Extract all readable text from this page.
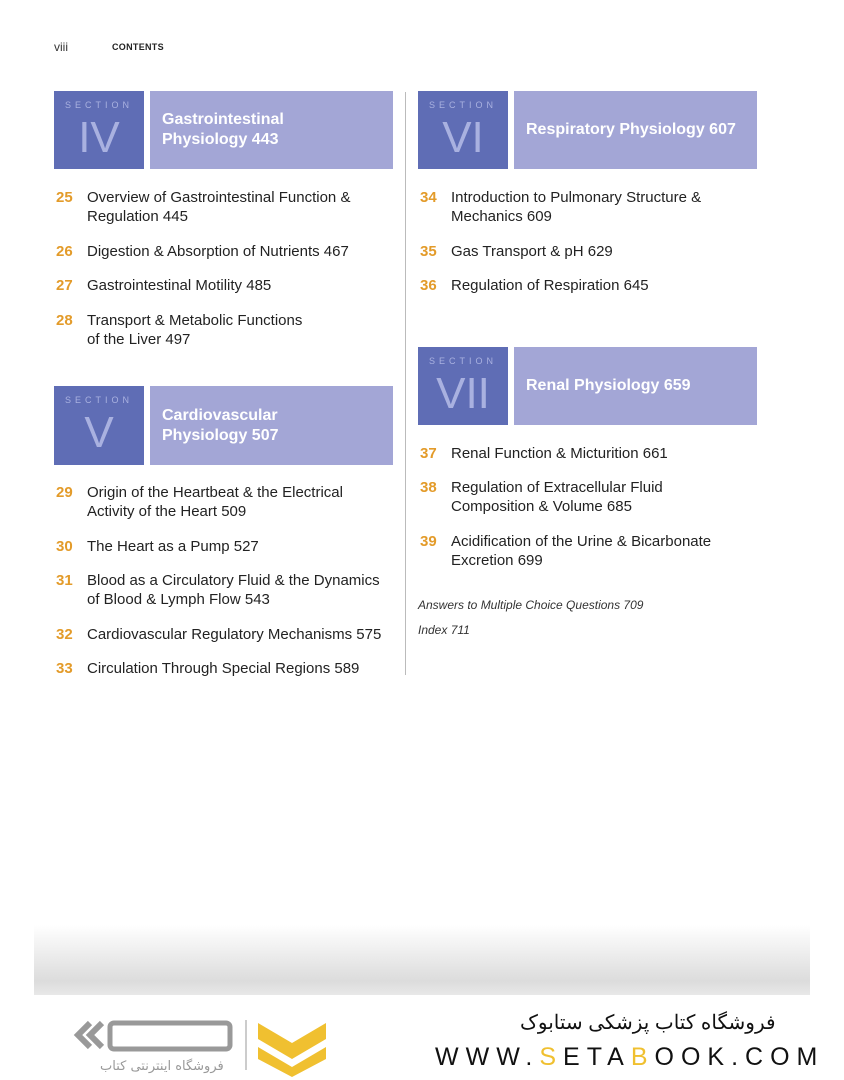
viii	CONTENTS
SECTION
IV	Gastrointestinal
Physiology 443
25 Overview of Gastrointestinal Function &
Regulation 445
26 Digestion & Absorption of Nutrients 467
27 Gastrointestinal Motility 485
28 Transport & Metabolic Functions
of the Liver 497
SECTION
V	Cardiovascular
Physiology 507
29 Origin of the Heartbeat & the Electrical
Activity of the Heart 509
30 The Heart as a Pump 527
31 Blood as a Circulatory Fluid & the Dynamics
of Blood & Lymph Flow 543
32 Cardiovascular Regulatory Mechanisms 575
33 Circulation Through Special Regions 589
SECTION
VI	Respiratory Physiology 607
34 Introduction to Pulmonary Structure &
Mechanics 609
35 Gas Transport & pH 629
36 Regulation of Respiration 645
SECTION
VII	Renal Physiology 659
37 Renal Function & Micturition 661
38 Regulation of Extracellular Fluid
Composition & Volume 685
39 Acidification of the Urine & Bicarbonate
Excretion 699
Answers to Multiple Choice Questions 709
Index 711
فروشگاه اینترنتی کتاب
فروشگاه کتاب پزشکی ستابوک
WWW.SETABOOK.COM
